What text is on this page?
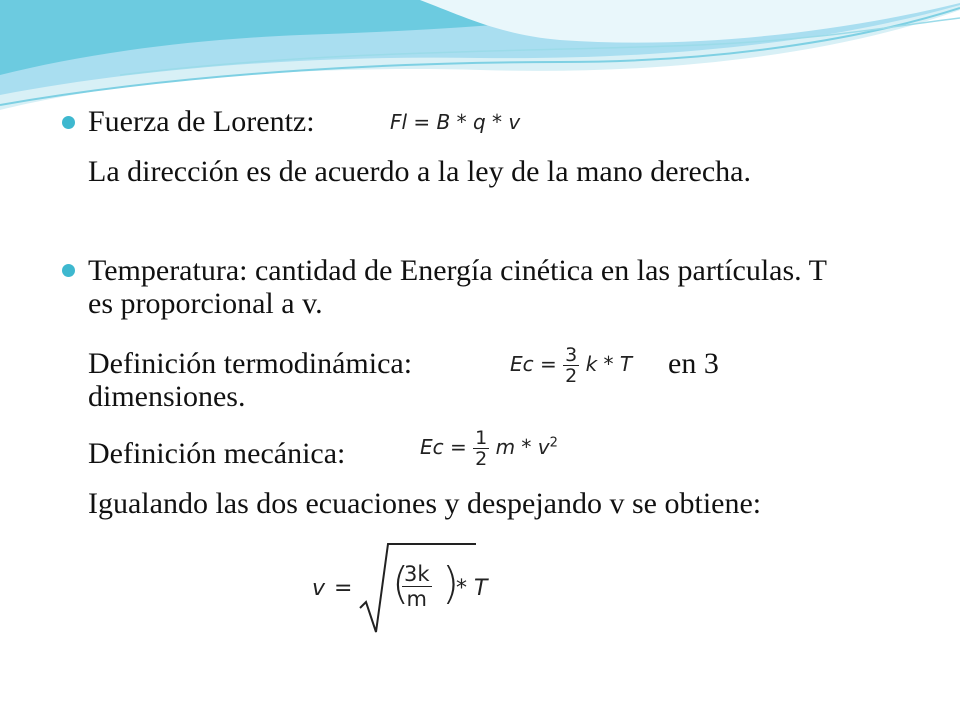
Fuerza de Lorentz:	Fl = B * q * v
La dirección es de acuerdo a la ley de la mano derecha.
Temperatura: cantidad de Energía cinética en las partículas. T es proporcional a v.
Definición termodinámica:	$Ec = \frac{3}{2}$ k * T en 3
dimensiones.
Definición mecánica:	$Ec = \frac{1}{2}$ m * $v^2$
Igualando las dos ecuaciones y despejando v se obtiene:
v = (
$\frac{3k}{m}$ )
* T
